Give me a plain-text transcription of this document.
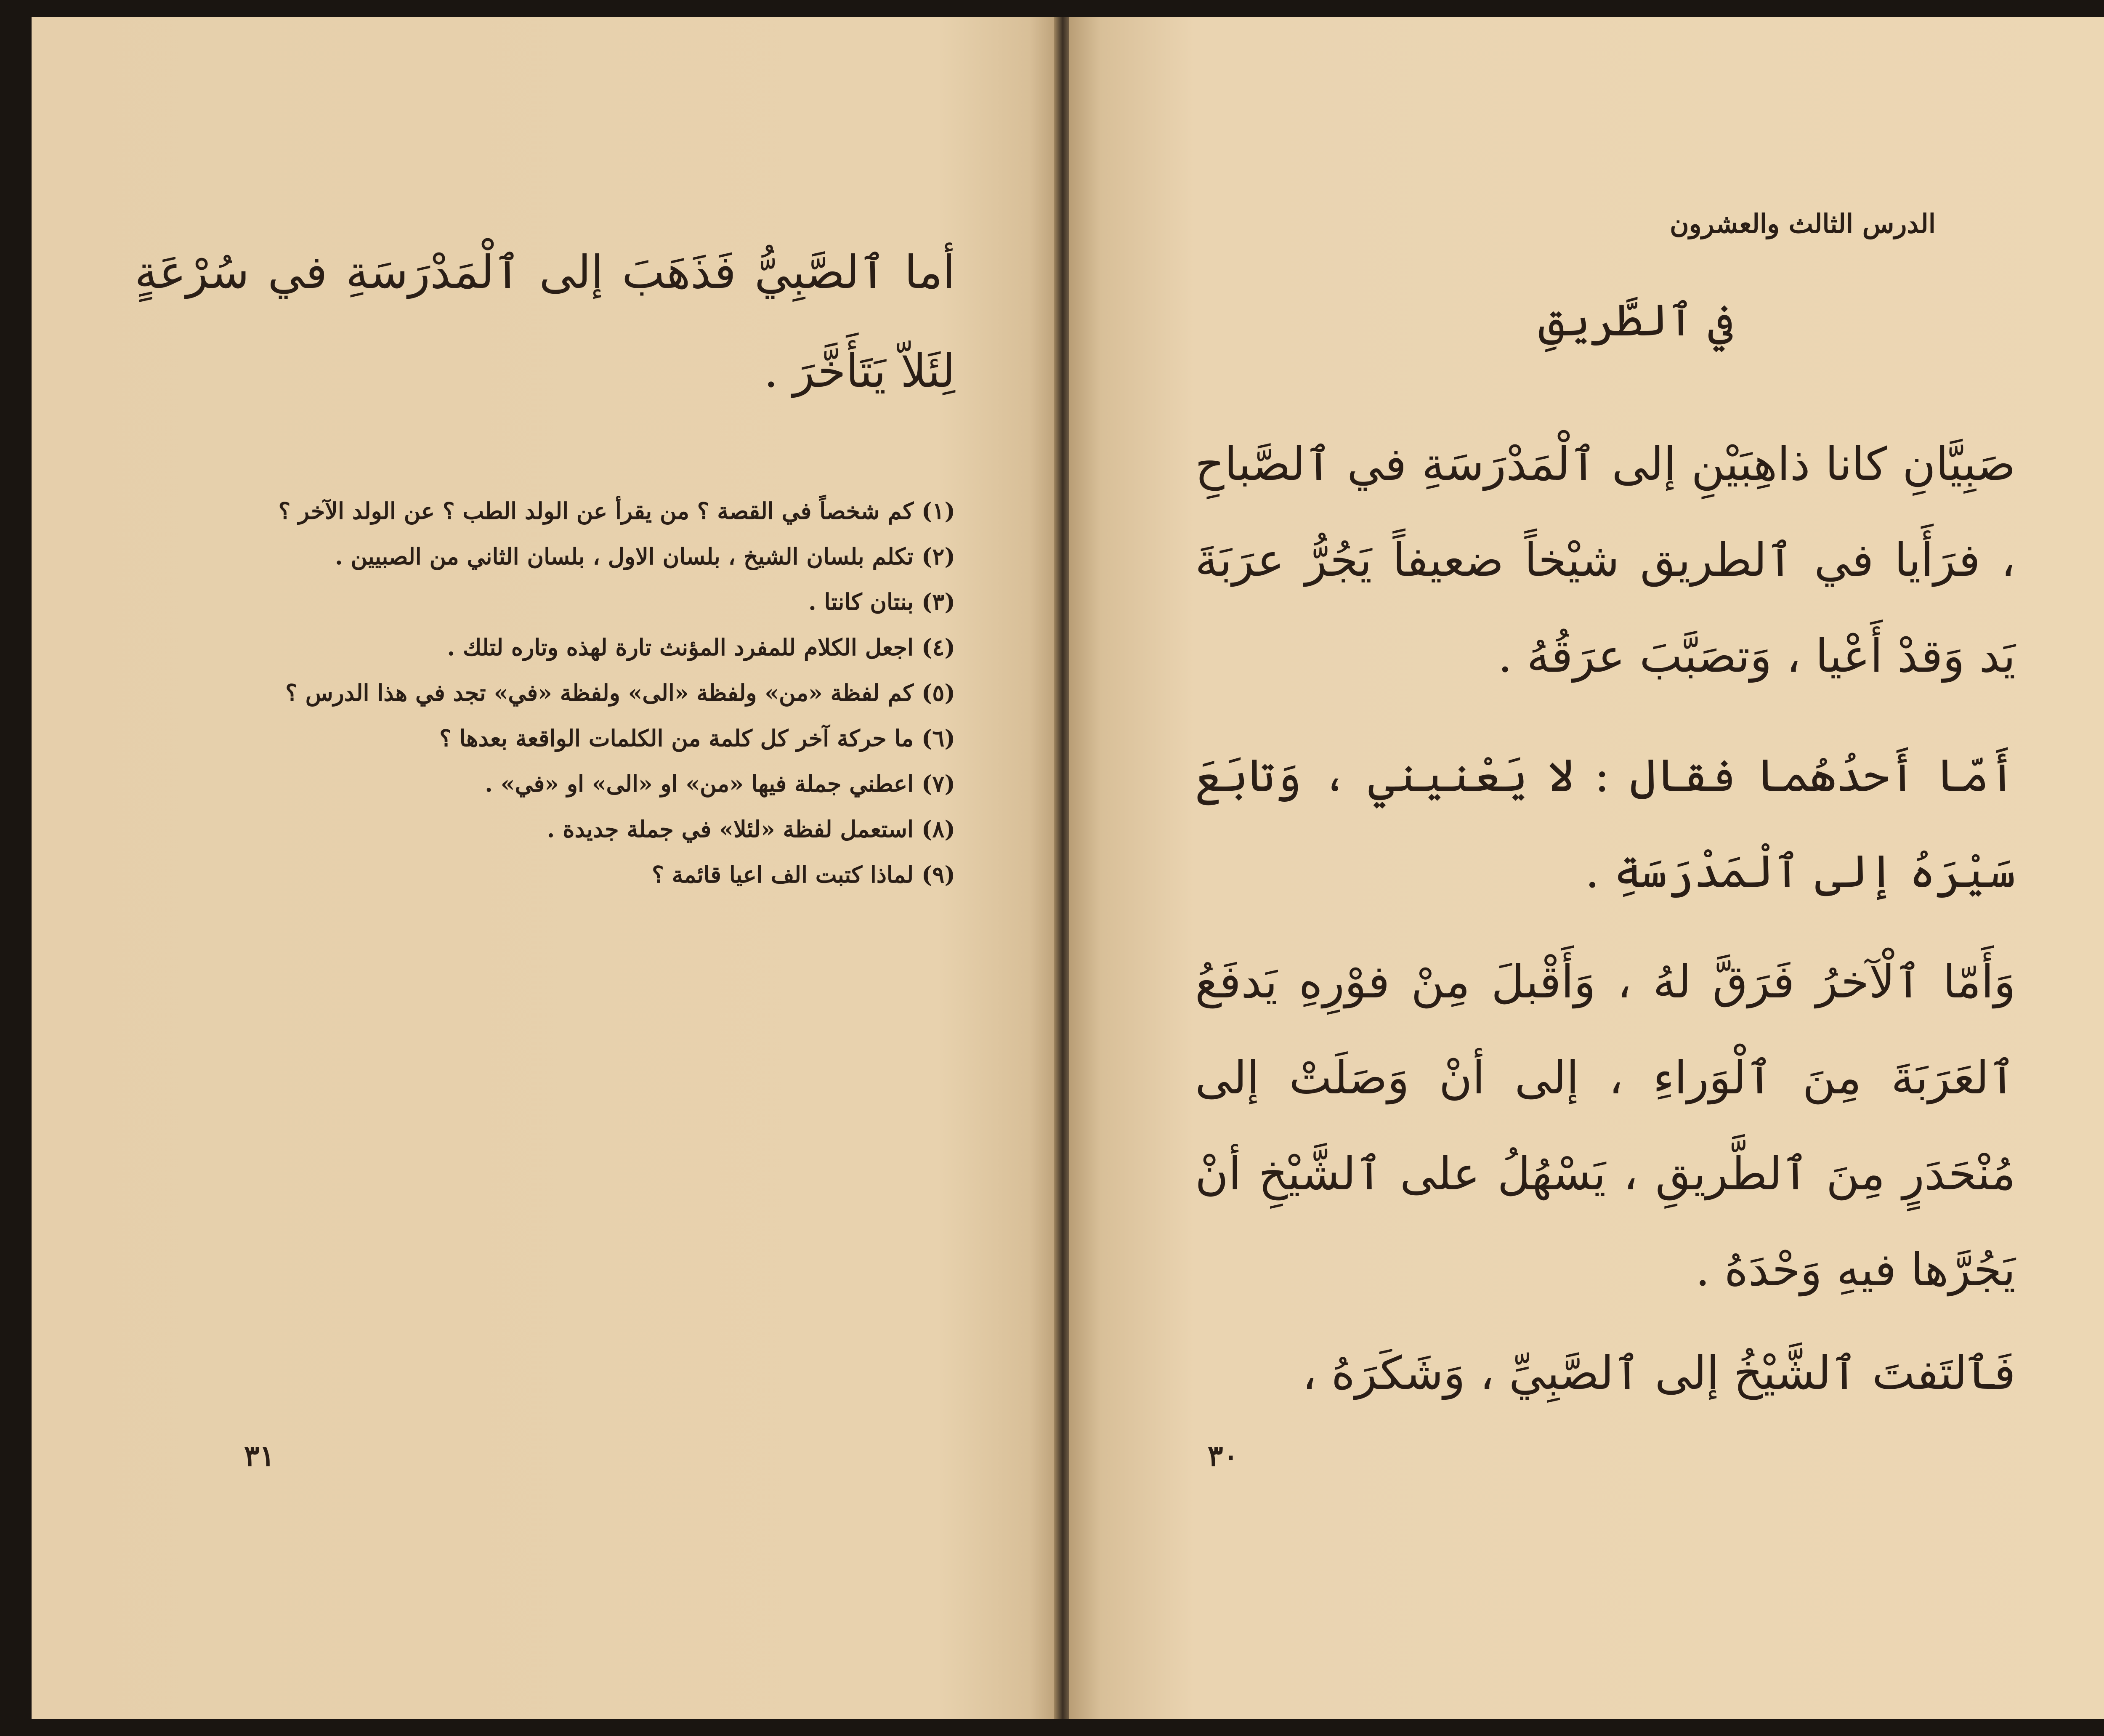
أما ٱلصَّبِيُّ فَذَهَبَ إلى ٱلْمَدْرَسَةِ في سُرْعَةٍ لِئَلاّ يَتَأَخَّرَ .
(١) كم شخصاً في القصة ؟ من يقرأ عن الولد الطب ؟ عن الولد الآخر ؟
(٢) تكلم بلسان الشيخ ، بلسان الاول ، بلسان الثاني من الصبيين .
(٣) بنتان كانتا .
(٤) اجعل الكلام للمفرد المؤنث تارة لهذه وتاره لتلك .
(٥) كم لفظة «من» ولفظة «الى» ولفظة «في» تجد في هذا الدرس ؟
(٦) ما حركة آخر كل كلمة من الكلمات الواقعة بعدها ؟
(٧) اعطني جملة فيها «من» او «الى» او «في» .
(٨) استعمل لفظة «لئلا» في جملة جديدة .
(٩) لماذا كتبت الف اعيا قائمة ؟
٣١
الدرس الثالث والعشرون
في ٱلطَّريقِ
صَبِيَّانِ كانا ذاهِبَيْنِ إلى ٱلْمَدْرَسَةِ في ٱلصَّباحِ ، فرَأَيا في ٱلطريق شيْخاً ضعيفاً يَجُرُّ عرَبَةَ يَد وَقدْ أَعْيا ، وَتصَبَّبَ عرَقُهُ .
أَمّا أَحدُهُما فقال : لا يَعْنيني ، وَتابَعَ سَيْرَهُ إلى ٱلْمَدْرَسَةِ .
وَأَمّا ٱلْآخرُ فَرَقَّ لهُ ، وَأَقْبلَ مِنْ فوْرِهِ يَدفَعُ ٱلعَرَبَةَ مِنَ ٱلْوَراءِ ، إلى أنْ وَصَلَتْ إلى مُنْحَدَرٍ مِنَ ٱلطَّريقِ ، يَسْهُلُ على ٱلشَّيْخِ أنْ يَجُرَّها فيهِ وَحْدَهُ .
فَٱلتَفتَ ٱلشَّيْخُ إلى ٱلصَّبِيِّ ، وَشَكَرَهُ ،
٣٠
